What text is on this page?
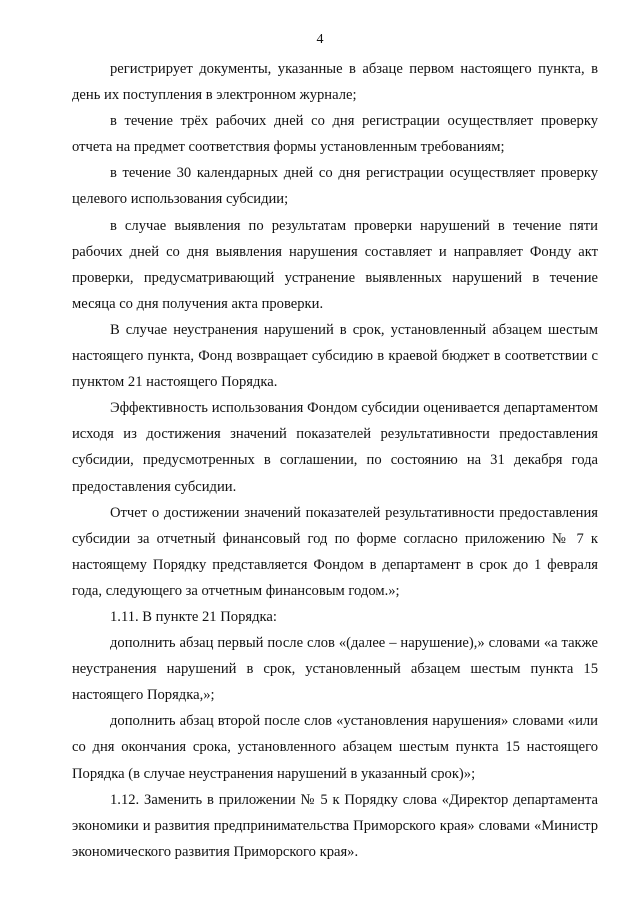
4

регистрирует документы, указанные в абзаце первом настоящего пункта, в день их поступления в электронном журнале;

в течение трёх рабочих дней со дня регистрации осуществляет проверку отчета на предмет соответствия формы установленным требованиям;

в течение 30 календарных дней со дня регистрации осуществляет проверку целевого использования субсидии;

в случае выявления по результатам проверки нарушений в течение пяти рабочих дней со дня выявления нарушения составляет и направляет Фонду акт проверки, предусматривающий устранение выявленных нарушений в течение месяца со дня получения акта проверки.

В случае неустранения нарушений в срок, установленный абзацем шестым настоящего пункта, Фонд возвращает субсидию в краевой бюджет в соответствии с пунктом 21 настоящего Порядка.

Эффективность использования Фондом субсидии оценивается департаментом исходя из достижения значений показателей результативности предоставления субсидии, предусмотренных в соглашении, по состоянию на 31 декабря года предоставления субсидии.

Отчет о достижении значений показателей результативности предоставления субсидии за отчетный финансовый год по форме согласно приложению № 7 к настоящему Порядку представляется Фондом в департамент в срок до 1 февраля года, следующего за отчетным финансовым годом.»;

1.11. В пункте 21 Порядка:

дополнить абзац первый после слов «(далее – нарушение),» словами «а также неустранения нарушений в срок, установленный абзацем шестым пункта 15 настоящего Порядка,»;

дополнить абзац второй после слов «установления нарушения» словами «или со дня окончания срока, установленного абзацем шестым пункта 15 настоящего Порядка (в случае неустранения нарушений в указанный срок)»;

1.12. Заменить в приложении № 5 к Порядку слова «Директор департамента экономики и развития предпринимательства Приморского края» словами «Министр экономического развития Приморского края».
